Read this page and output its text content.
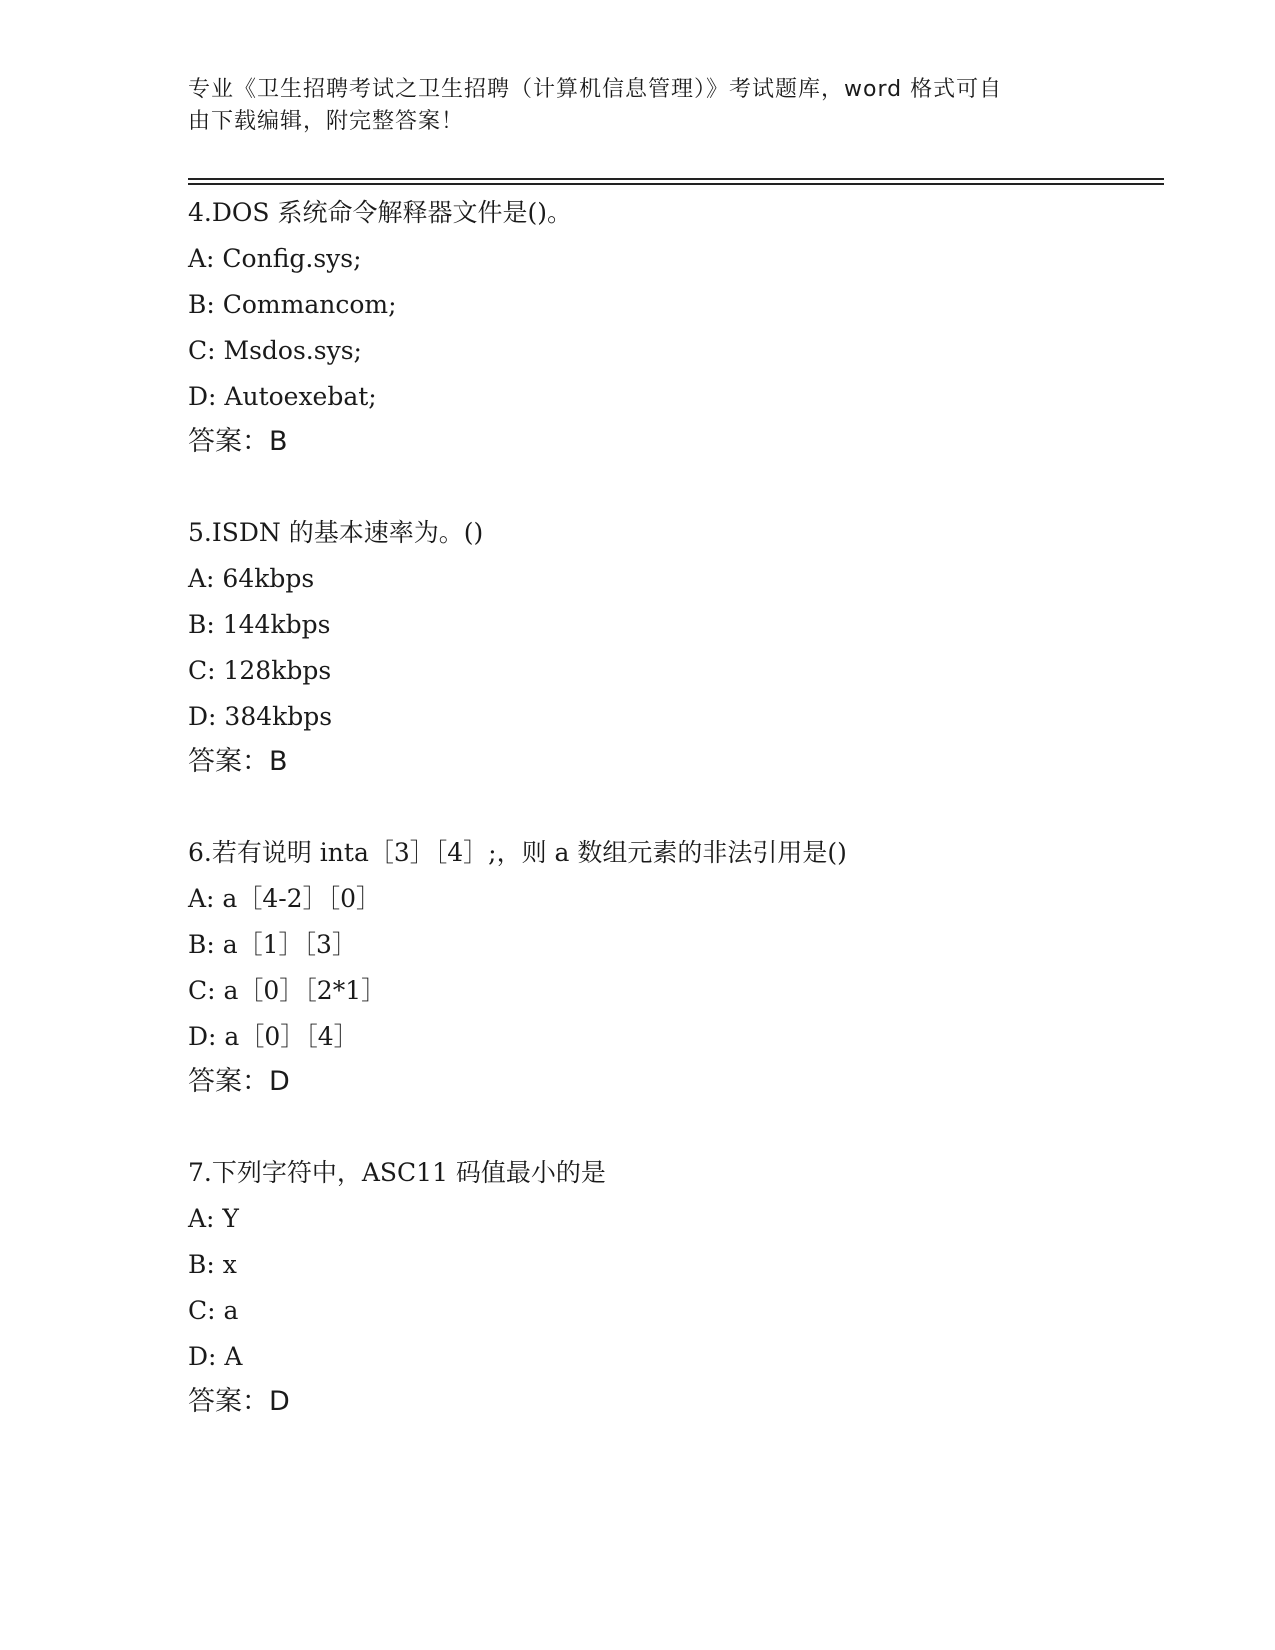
专业《卫生招聘考试之卫生招聘（计算机信息管理）》考试题库，word 格式可自
由下载编辑，附完整答案！
4.DOS 系统命令解释器文件是()。
A: Config.sys;
B: Commancom;
C: Msdos.sys;
D: Autoexebat;
答案：B
5.ISDN 的基本速率为。()
A: 64kbps
B: 144kbps
C: 128kbps
D: 384kbps
答案：B
6.若有说明 inta［3］［4］;，则 a 数组元素的非法引用是()
A: a［4-2］［0］
B: a［1］［3］
C: a［0］［2*1］
D: a［0］［4］
答案：D
7.下列字符中，ASC11 码值最小的是
A: Y
B: x
C: a
D: A
答案：D
